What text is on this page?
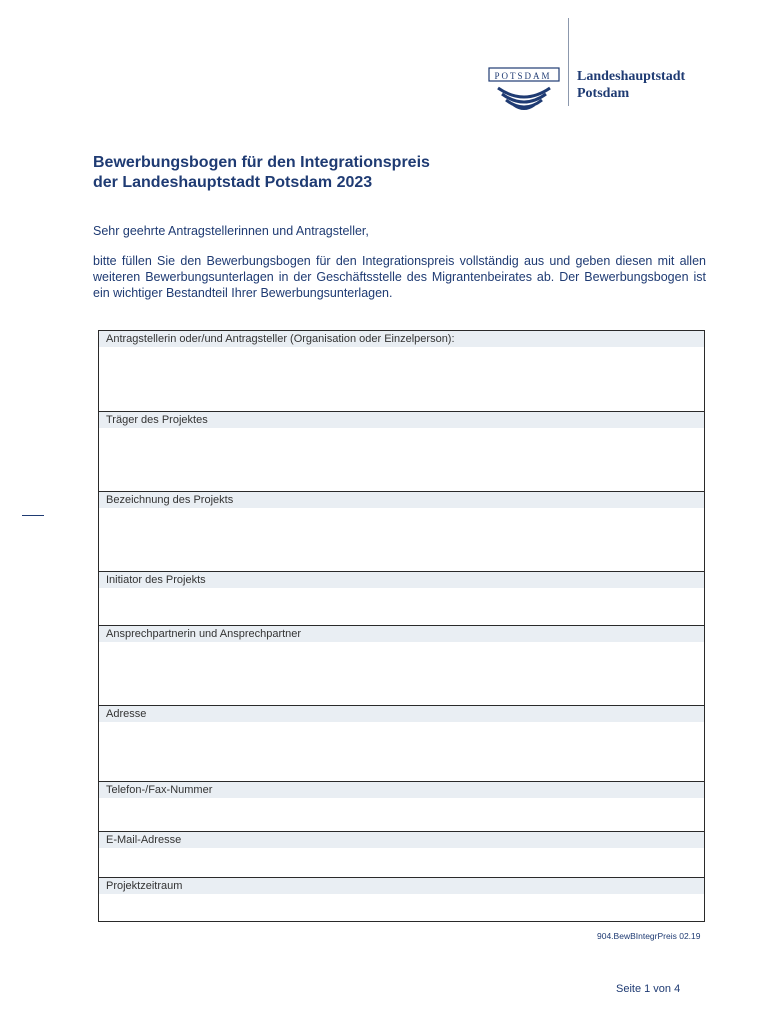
POTSDAM	Landeshauptstadt
Potsdam
Bewerbungsbogen für den Integrationspreis
der Landeshauptstadt Potsdam 2023
Sehr geehrte Antragstellerinnen und Antragsteller,
bitte füllen Sie den Bewerbungsbogen für den Integrationspreis vollständig aus und geben diesen mit allen weiteren Bewerbungsunterlagen in der Geschäftsstelle des Migrantenbeirates ab. Der Bewerbungsbogen ist ein wichtiger Bestandteil Ihrer Bewerbungsunterlagen.
Antragstellerin oder/und Antragsteller (Organisation oder Einzelperson):
Träger des Projektes
Bezeichnung des Projekts
Initiator des Projekts
Ansprechpartnerin und Ansprechpartner
Adresse
Telefon-/Fax-Nummer
E-Mail-Adresse
Projektzeitraum
904.BewBIntegrPreis 02.19
Seite 1 von 4
